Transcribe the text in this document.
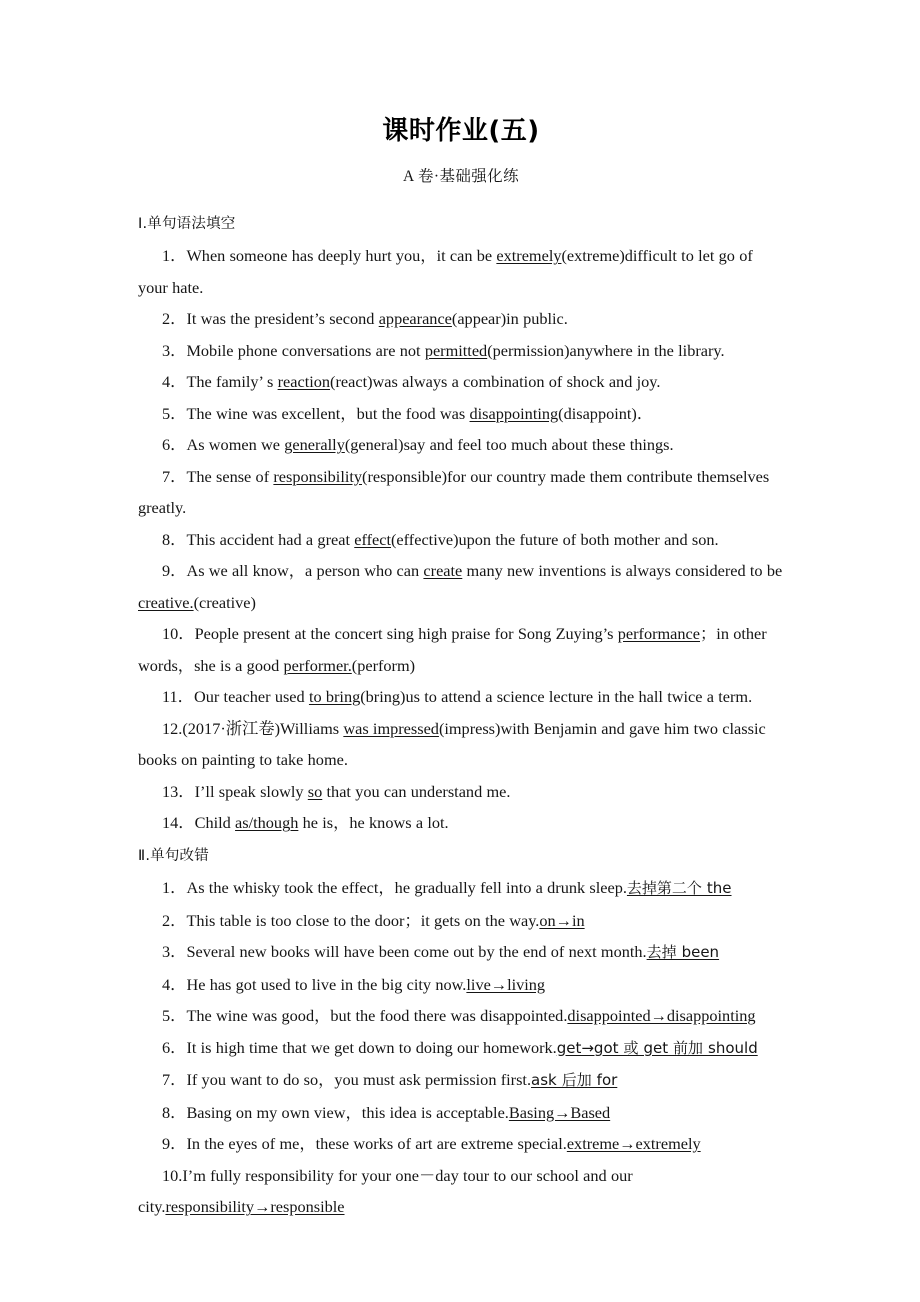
课时作业(五)
A 卷·基础强化练
Ⅰ.单句语法填空
1．When someone has deeply hurt you，it can be extremely(extreme)difficult to let go of your hate.
2．It was the president’s second appearance(appear)in public.
3．Mobile phone conversations are not permitted(permission)anywhere in the library.
4．The family’ s reaction(react)was always a combination of shock and joy.
5．The wine was excellent，but the food was disappointing(disappoint)．
6．As women we generally(general)say and feel too much about these things.
7．The sense of responsibility(responsible)for our country made them contribute themselves greatly.
8．This accident had a great effect(effective)upon the future of both mother and son.
9．As we all know，a person who can create many new inventions is always considered to be creative.(creative)
10．People present at the concert sing high praise for Song Zuying’s performance；in other words，she is a good performer.(perform)
11．Our teacher used to bring(bring)us to attend a science lecture in the hall twice a term.
12.(2017·浙江卷)Williams was impressed(impress)with Benjamin and gave him two classic books on painting to take home.
13．I’ll speak slowly so that you can understand me.
14．Child as/though he is，he knows a lot.
Ⅱ.单句改错
1．As the whisky took the effect，he gradually fell into a drunk sleep.去掉第二个 the
2．This table is too close to the door；it gets on the way.on→in
3．Several new books will have been come out by the end of next month.去掉 been
4．He has got used to live in the big city now.live→living
5．The wine was good，but the food there was disappointed.disappointed→disappointing
6．It is high time that we get down to doing our homework.get→got 或 get 前加 should
7．If you want to do so，you must ask permission first.ask 后加 for
8．Basing on my own view，this idea is acceptable.Basing→Based
9．In the eyes of me，these works of art are extreme special.extreme→extremely
10.I’m fully responsibility for your one－day tour to our school and our city.responsibility→responsible
